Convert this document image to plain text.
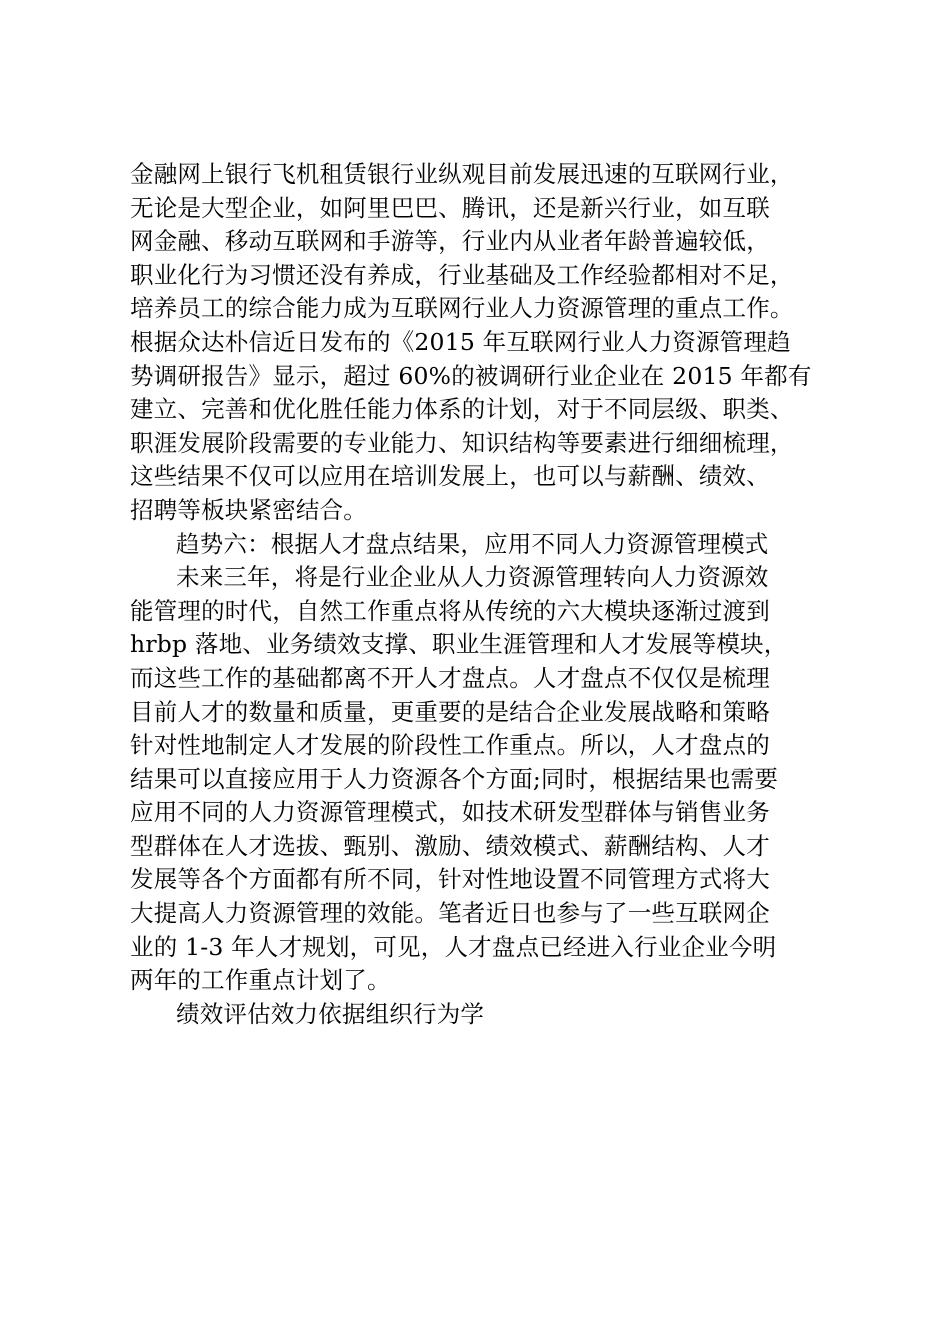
金融网上银行飞机租赁银行业纵观目前发展迅速的互联网行业，
无论是大型企业，如阿里巴巴、腾讯，还是新兴行业，如互联
网金融、移动互联网和手游等，行业内从业者年龄普遍较低，
职业化行为习惯还没有养成，行业基础及工作经验都相对不足，
培养员工的综合能力成为互联网行业人力资源管理的重点工作。
根据众达朴信近日发布的《2015 年互联网行业人力资源管理趋
势调研报告》显示，超过 60%的被调研行业企业在 2015 年都有
建立、完善和优化胜任能力体系的计划，对于不同层级、职类、
职涯发展阶段需要的专业能力、知识结构等要素进行细细梳理，
这些结果不仅可以应用在培训发展上，也可以与薪酬、绩效、
招聘等板块紧密结合。
趋势六：根据人才盘点结果，应用不同人力资源管理模式
未来三年，将是行业企业从人力资源管理转向人力资源效
能管理的时代，自然工作重点将从传统的六大模块逐渐过渡到
hrbp 落地、业务绩效支撑、职业生涯管理和人才发展等模块，
而这些工作的基础都离不开人才盘点。人才盘点不仅仅是梳理
目前人才的数量和质量，更重要的是结合企业发展战略和策略
针对性地制定人才发展的阶段性工作重点。所以，人才盘点的
结果可以直接应用于人力资源各个方面;同时，根据结果也需要
应用不同的人力资源管理模式，如技术研发型群体与销售业务
型群体在人才选拔、甄别、激励、绩效模式、薪酬结构、人才
发展等各个方面都有所不同，针对性地设置不同管理方式将大
大提高人力资源管理的效能。笔者近日也参与了一些互联网企
业的 1-3 年人才规划，可见，人才盘点已经进入行业企业今明
两年的工作重点计划了。
绩效评估效力依据组织行为学
